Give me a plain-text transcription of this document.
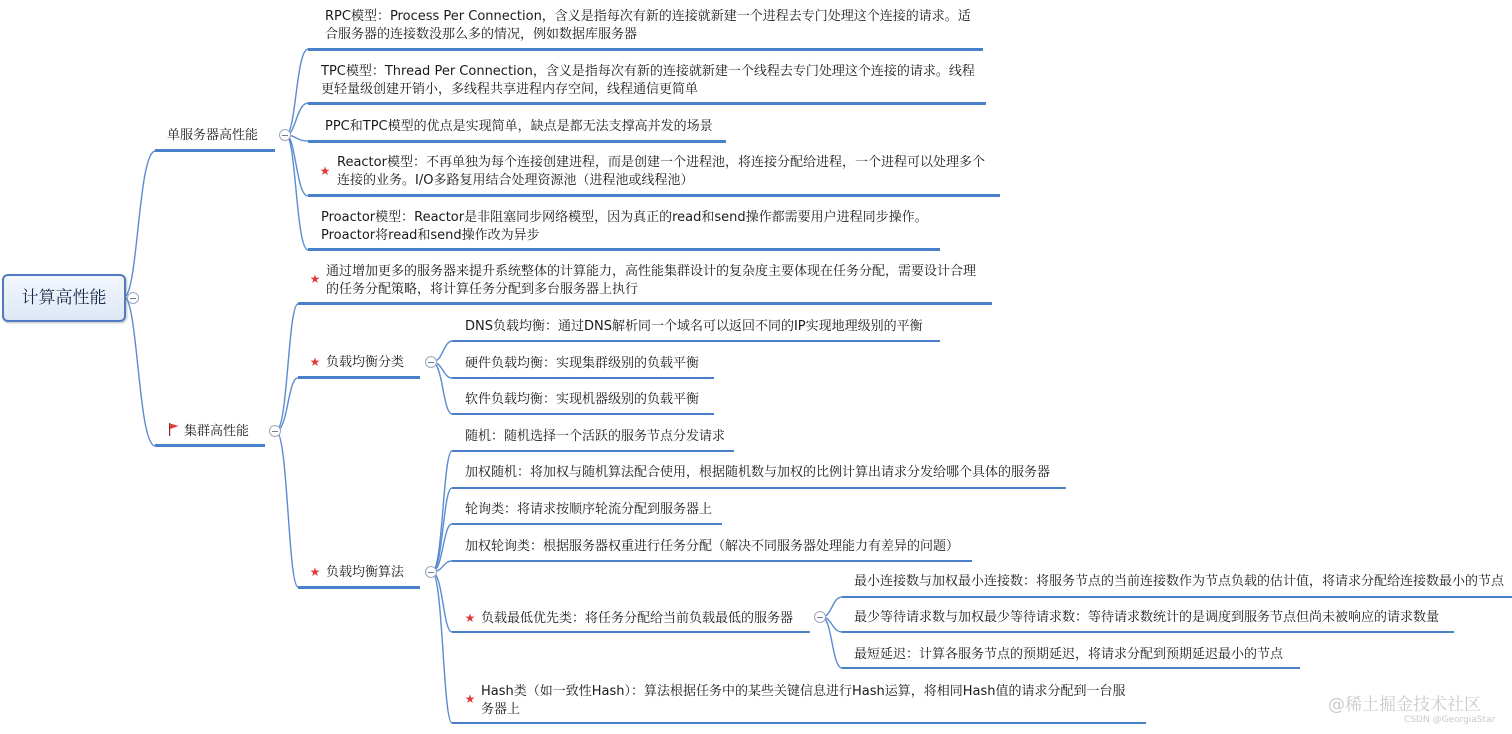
计算高性能
单服务器高性能
RPC模型：Process Per Connection，含义是指每次有新的连接就新建一个进程去专门处理这个连接的请求。适
合服务器的连接数没那么多的情况，例如数据库服务器
TPC模型：Thread Per Connection，含义是指每次有新的连接就新建一个线程去专门处理这个连接的请求。线程
更轻量级创建开销小，多线程共享进程内存空间，线程通信更简单
PPC和TPC模型的优点是实现简单，缺点是都无法支撑高并发的场景
★
Reactor模型：不再单独为每个连接创建进程，而是创建一个进程池，将连接分配给进程，一个进程可以处理多个
连接的业务。I/O多路复用结合处理资源池（进程池或线程池）
Proactor模型：Reactor是非阻塞同步网络模型，因为真正的read和send操作都需要用户进程同步操作。
Proactor将read和send操作改为异步
集群高性能
★ 通过增加更多的服务器来提升系统整体的计算能力，高性能集群设计的复杂度主要体现在任务分配，需要设计合理
的任务分配策略，将计算任务分配到多台服务器上执行
★ 负载均衡分类
DNS负载均衡：通过DNS解析同一个域名可以返回不同的IP实现地理级别的平衡
硬件负载均衡：实现集群级别的负载平衡
软件负载均衡：实现机器级别的负载平衡
★ 负载均衡算法
随机：随机选择一个活跃的服务节点分发请求
加权随机：将加权与随机算法配合使用，根据随机数与加权的比例计算出请求分发给哪个具体的服务器
轮询类：将请求按顺序轮流分配到服务器上
加权轮询类：根据服务器权重进行任务分配（解决不同服务器处理能力有差异的问题）
★ 负载最低优先类：将任务分配给当前负载最低的服务器
最小连接数与加权最小连接数：将服务节点的当前连接数作为节点负载的估计值，将请求分配给连接数最小的节点
最少等待请求数与加权最少等待请求数：等待请求数统计的是调度到服务节点但尚未被响应的请求数量
最短延迟：计算各服务节点的预期延迟，将请求分配到预期延迟最小的节点
★ Hash类（如一致性Hash）：算法根据任务中的某些关键信息进行Hash运算，将相同Hash值的请求分配到一台服
务器上	@稀土掘金技术社区
CSDN @GeorgiaStar
